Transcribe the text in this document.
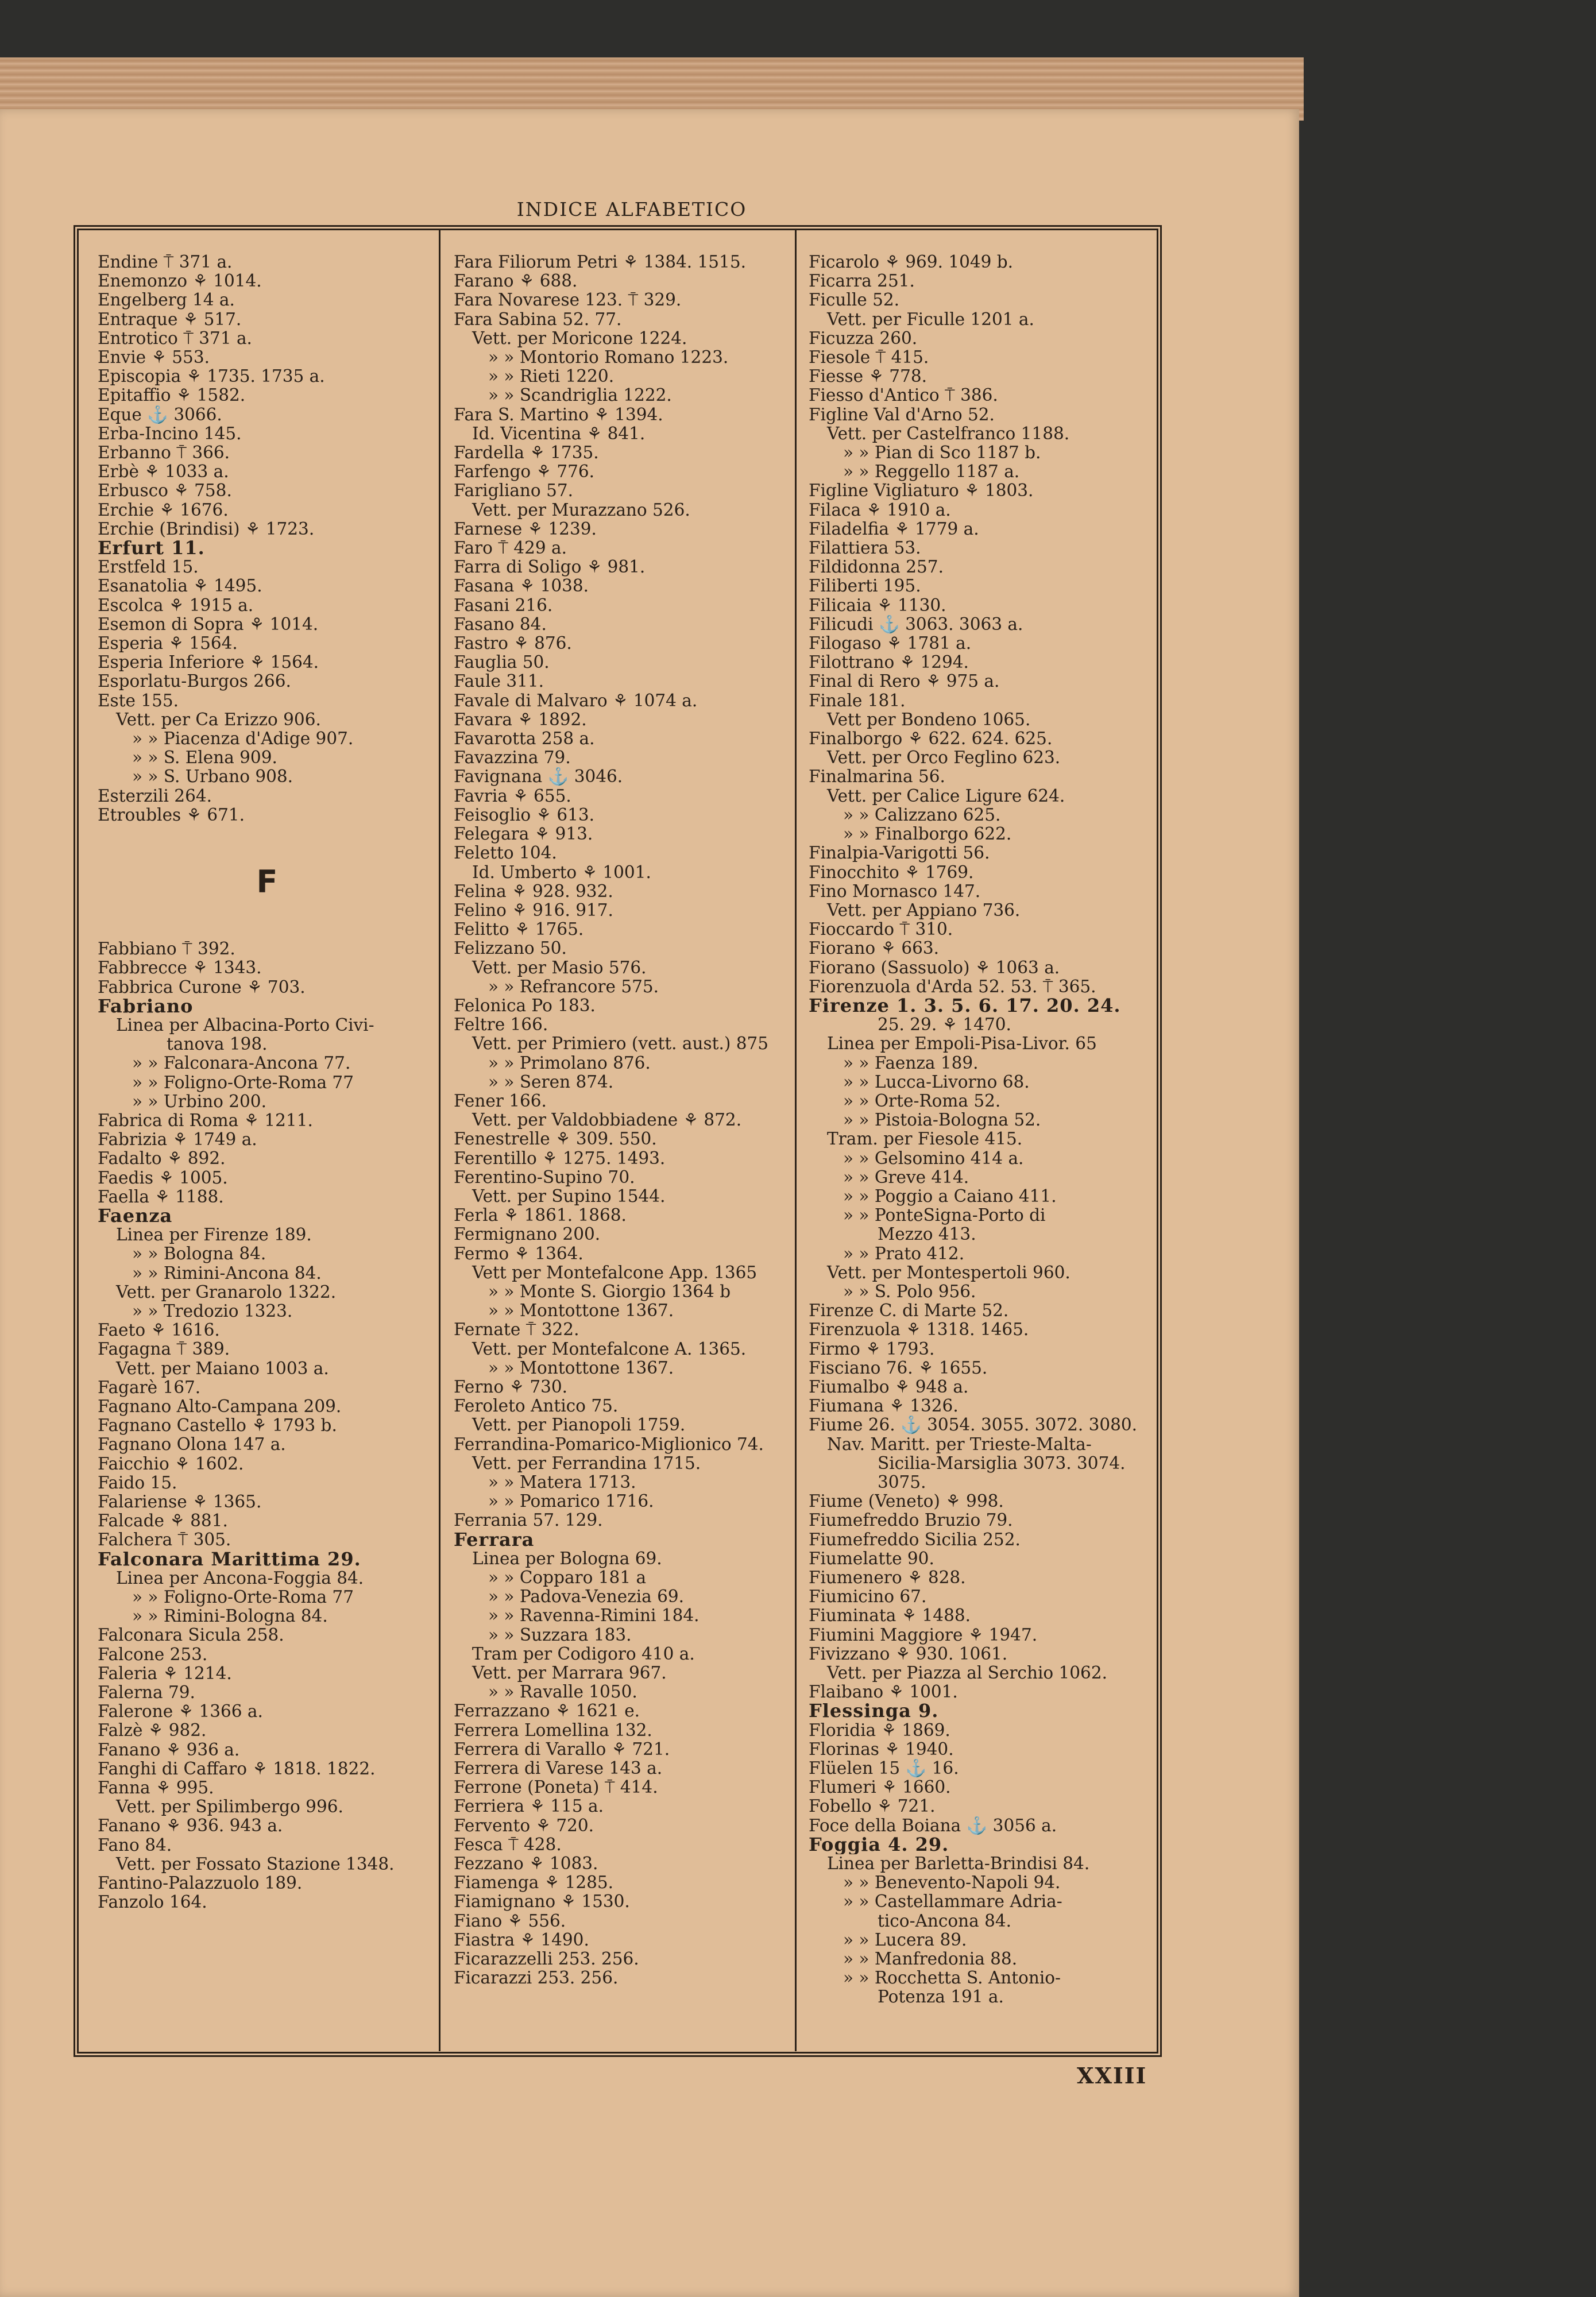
INDICE ALFABETICO
Endine ⍑ 371 a.
Enemonzo ⚘ 1014.
Engelberg 14 a.
Entraque ⚘ 517.
Entrotico ⍑ 371 a.
Envie ⚘ 553.
Episcopia ⚘ 1735. 1735 a.
Epitaffio ⚘ 1582.
Eque ⚓ 3066.
Erba-Incino 145.
Erbanno ⍑ 366.
Erbè ⚘ 1033 a.
Erbusco ⚘ 758.
Erchie ⚘ 1676.
Erchie (Brindisi) ⚘ 1723.
Erfurt 11.
Erstfeld 15.
Esanatolia ⚘ 1495.
Escolca ⚘ 1915 a.
Esemon di Sopra ⚘ 1014.
Esperia ⚘ 1564.
Esperia Inferiore ⚘ 1564.
Esporlatu-Burgos 266.
Este 155.
Vett. per Ca Erizzo 906.
» » Piacenza d'Adige 907.
» » S. Elena 909.
» » S. Urbano 908.
Esterzili 264.
Etroubles ⚘ 671.
F
Fabbiano ⍑ 392.
Fabbrecce ⚘ 1343.
Fabbrica Curone ⚘ 703.
Fabriano
Linea per Albacina-Porto Civi-
tanova 198.
» » Falconara-Ancona 77.
» » Foligno-Orte-Roma 77
» » Urbino 200.
Fabrica di Roma ⚘ 1211.
Fabrizia ⚘ 1749 a.
Fadalto ⚘ 892.
Faedis ⚘ 1005.
Faella ⚘ 1188.
Faenza
Linea per Firenze 189.
» » Bologna 84.
» » Rimini-Ancona 84.
Vett. per Granarolo 1322.
» » Tredozio 1323.
Faeto ⚘ 1616.
Fagagna ⍑ 389.
Vett. per Maiano 1003 a.
Fagarè 167.
Fagnano Alto-Campana 209.
Fagnano Castello ⚘ 1793 b.
Fagnano Olona 147 a.
Faicchio ⚘ 1602.
Faido 15.
Falariense ⚘ 1365.
Falcade ⚘ 881.
Falchera ⍑ 305.
Falconara Marittima 29.
Linea per Ancona-Foggia 84.
» » Foligno-Orte-Roma 77
» » Rimini-Bologna 84.
Falconara Sicula 258.
Falcone 253.
Faleria ⚘ 1214.
Falerna 79.
Falerone ⚘ 1366 a.
Falzè ⚘ 982.
Fanano ⚘ 936 a.
Fanghi di Caffaro ⚘ 1818. 1822.
Fanna ⚘ 995.
Vett. per Spilimbergo 996.
Fanano ⚘ 936. 943 a.
Fano 84.
Vett. per Fossato Stazione 1348.
Fantino-Palazzuolo 189.
Fanzolo 164.
Fara Filiorum Petri ⚘ 1384. 1515.
Farano ⚘ 688.
Fara Novarese 123. ⍑ 329.
Fara Sabina 52. 77.
Vett. per Moricone 1224.
» » Montorio Romano 1223.
» » Rieti 1220.
» » Scandriglia 1222.
Fara S. Martino ⚘ 1394.
Id. Vicentina ⚘ 841.
Fardella ⚘ 1735.
Farfengo ⚘ 776.
Farigliano 57.
Vett. per Murazzano 526.
Farnese ⚘ 1239.
Faro ⍑ 429 a.
Farra di Soligo ⚘ 981.
Fasana ⚘ 1038.
Fasani 216.
Fasano 84.
Fastro ⚘ 876.
Fauglia 50.
Faule 311.
Favale di Malvaro ⚘ 1074 a.
Favara ⚘ 1892.
Favarotta 258 a.
Favazzina 79.
Favignana ⚓ 3046.
Favria ⚘ 655.
Feisoglio ⚘ 613.
Felegara ⚘ 913.
Feletto 104.
Id. Umberto ⚘ 1001.
Felina ⚘ 928. 932.
Felino ⚘ 916. 917.
Felitto ⚘ 1765.
Felizzano 50.
Vett. per Masio 576.
» » Refrancore 575.
Felonica Po 183.
Feltre 166.
Vett. per Primiero (vett. aust.) 875
» » Primolano 876.
» » Seren 874.
Fener 166.
Vett. per Valdobbiadene ⚘ 872.
Fenestrelle ⚘ 309. 550.
Ferentillo ⚘ 1275. 1493.
Ferentino-Supino 70.
Vett. per Supino 1544.
Ferla ⚘ 1861. 1868.
Fermignano 200.
Fermo ⚘ 1364.
Vett per Montefalcone App. 1365
» » Monte S. Giorgio 1364 b
» » Montottone 1367.
Fernate ⍑ 322.
Vett. per Montefalcone A. 1365.
» » Montottone 1367.
Ferno ⚘ 730.
Feroleto Antico 75.
Vett. per Pianopoli 1759.
Ferrandina-Pomarico-Miglionico 74.
Vett. per Ferrandina 1715.
» » Matera 1713.
» » Pomarico 1716.
Ferrania 57. 129.
Ferrara
Linea per Bologna 69.
» » Copparo 181 a
» » Padova-Venezia 69.
» » Ravenna-Rimini 184.
» » Suzzara 183.
Tram per Codigoro 410 a.
Vett. per Marrara 967.
» » Ravalle 1050.
Ferrazzano ⚘ 1621 e.
Ferrera Lomellina 132.
Ferrera di Varallo ⚘ 721.
Ferrera di Varese 143 a.
Ferrone (Poneta) ⍑ 414.
Ferriera ⚘ 115 a.
Fervento ⚘ 720.
Fesca ⍑ 428.
Fezzano ⚘ 1083.
Fiamenga ⚘ 1285.
Fiamignano ⚘ 1530.
Fiano ⚘ 556.
Fiastra ⚘ 1490.
Ficarazzelli 253. 256.
Ficarazzi 253. 256.
Ficarolo ⚘ 969. 1049 b.
Ficarra 251.
Ficulle 52.
Vett. per Ficulle 1201 a.
Ficuzza 260.
Fiesole ⍑ 415.
Fiesse ⚘ 778.
Fiesso d'Antico ⍑ 386.
Figline Val d'Arno 52.
Vett. per Castelfranco 1188.
» » Pian di Sco 1187 b.
» » Reggello 1187 a.
Figline Vigliaturo ⚘ 1803.
Filaca ⚘ 1910 a.
Filadelfia ⚘ 1779 a.
Filattiera 53.
Fildidonna 257.
Filiberti 195.
Filicaia ⚘ 1130.
Filicudi ⚓ 3063. 3063 a.
Filogaso ⚘ 1781 a.
Filottrano ⚘ 1294.
Final di Rero ⚘ 975 a.
Finale 181.
Vett per Bondeno 1065.
Finalborgo ⚘ 622. 624. 625.
Vett. per Orco Feglino 623.
Finalmarina 56.
Vett. per Calice Ligure 624.
» » Calizzano 625.
» » Finalborgo 622.
Finalpia-Varigotti 56.
Finocchito ⚘ 1769.
Fino Mornasco 147.
Vett. per Appiano 736.
Fioccardo ⍑ 310.
Fiorano ⚘ 663.
Fiorano (Sassuolo) ⚘ 1063 a.
Fiorenzuola d'Arda 52. 53. ⍑ 365.
Firenze 1. 3. 5. 6. 17. 20. 24.
25. 29. ⚘ 1470.
Linea per Empoli-Pisa-Livor. 65
» » Faenza 189.
» » Lucca-Livorno 68.
» » Orte-Roma 52.
» » Pistoia-Bologna 52.
Tram. per Fiesole 415.
» » Gelsomino 414 a.
» » Greve 414.
» » Poggio a Caiano 411.
» » PonteSigna-Porto di
Mezzo 413.
» » Prato 412.
Vett. per Montespertoli 960.
» » S. Polo 956.
Firenze C. di Marte 52.
Firenzuola ⚘ 1318. 1465.
Firmo ⚘ 1793.
Fisciano 76. ⚘ 1655.
Fiumalbo ⚘ 948 a.
Fiumana ⚘ 1326.
Fiume 26. ⚓ 3054. 3055. 3072. 3080.
Nav. Maritt. per Trieste-Malta-
Sicilia-Marsiglia 3073. 3074.
3075.
Fiume (Veneto) ⚘ 998.
Fiumefreddo Bruzio 79.
Fiumefreddo Sicilia 252.
Fiumelatte 90.
Fiumenero ⚘ 828.
Fiumicino 67.
Fiuminata ⚘ 1488.
Fiumini Maggiore ⚘ 1947.
Fivizzano ⚘ 930. 1061.
Vett. per Piazza al Serchio 1062.
Flaibano ⚘ 1001.
Flessinga 9.
Floridia ⚘ 1869.
Florinas ⚘ 1940.
Flüelen 15 ⚓ 16.
Flumeri ⚘ 1660.
Fobello ⚘ 721.
Foce della Boiana ⚓ 3056 a.
Foggia 4. 29.
Linea per Barletta-Brindisi 84.
» » Benevento-Napoli 94.
» » Castellammare Adria-
tico-Ancona 84.
» » Lucera 89.
» » Manfredonia 88.
» » Rocchetta S. Antonio-
Potenza 191 a.
XXIII
